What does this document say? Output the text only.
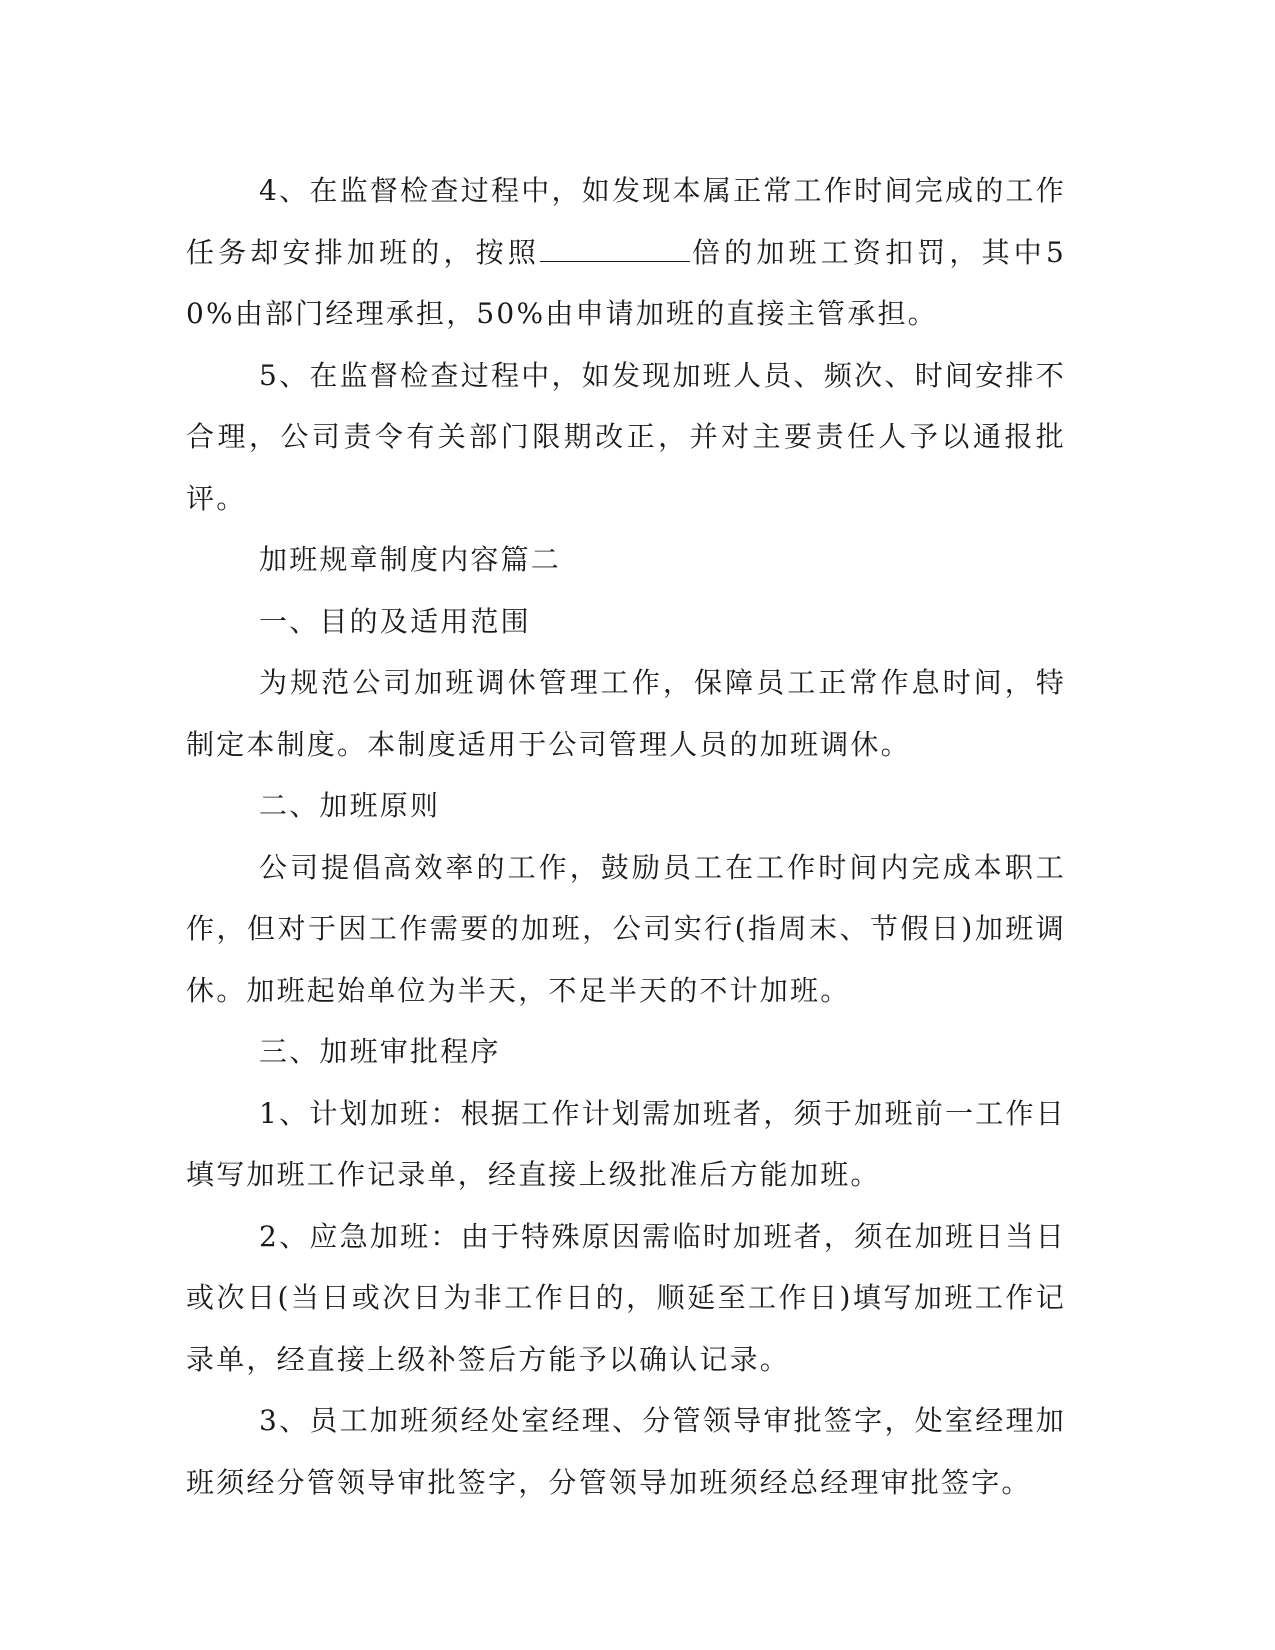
4、在监督检查过程中，如发现本属正常工作时间完成的工作任务却安排加班的，按照	倍的加班工资扣罚，其中50%由部门经理承担，50%由申请加班的直接主管承担。

5、在监督检查过程中，如发现加班人员、频次、时间安排不合理，公司责令有关部门限期改正，并对主要责任人予以通报批评。

加班规章制度内容篇二

一、目的及适用范围

为规范公司加班调休管理工作，保障员工正常作息时间，特制定本制度。本制度适用于公司管理人员的加班调休。

二、加班原则

公司提倡高效率的工作，鼓励员工在工作时间内完成本职工作，但对于因工作需要的加班，公司实行(指周末、节假日)加班调休。加班起始单位为半天，不足半天的不计加班。

三、加班审批程序

1、计划加班：根据工作计划需加班者，须于加班前一工作日填写加班工作记录单，经直接上级批准后方能加班。

2、应急加班：由于特殊原因需临时加班者，须在加班日当日或次日(当日或次日为非工作日的，顺延至工作日)填写加班工作记录单，经直接上级补签后方能予以确认记录。

3、员工加班须经处室经理、分管领导审批签字，处室经理加班须经分管领导审批签字，分管领导加班须经总经理审批签字。
